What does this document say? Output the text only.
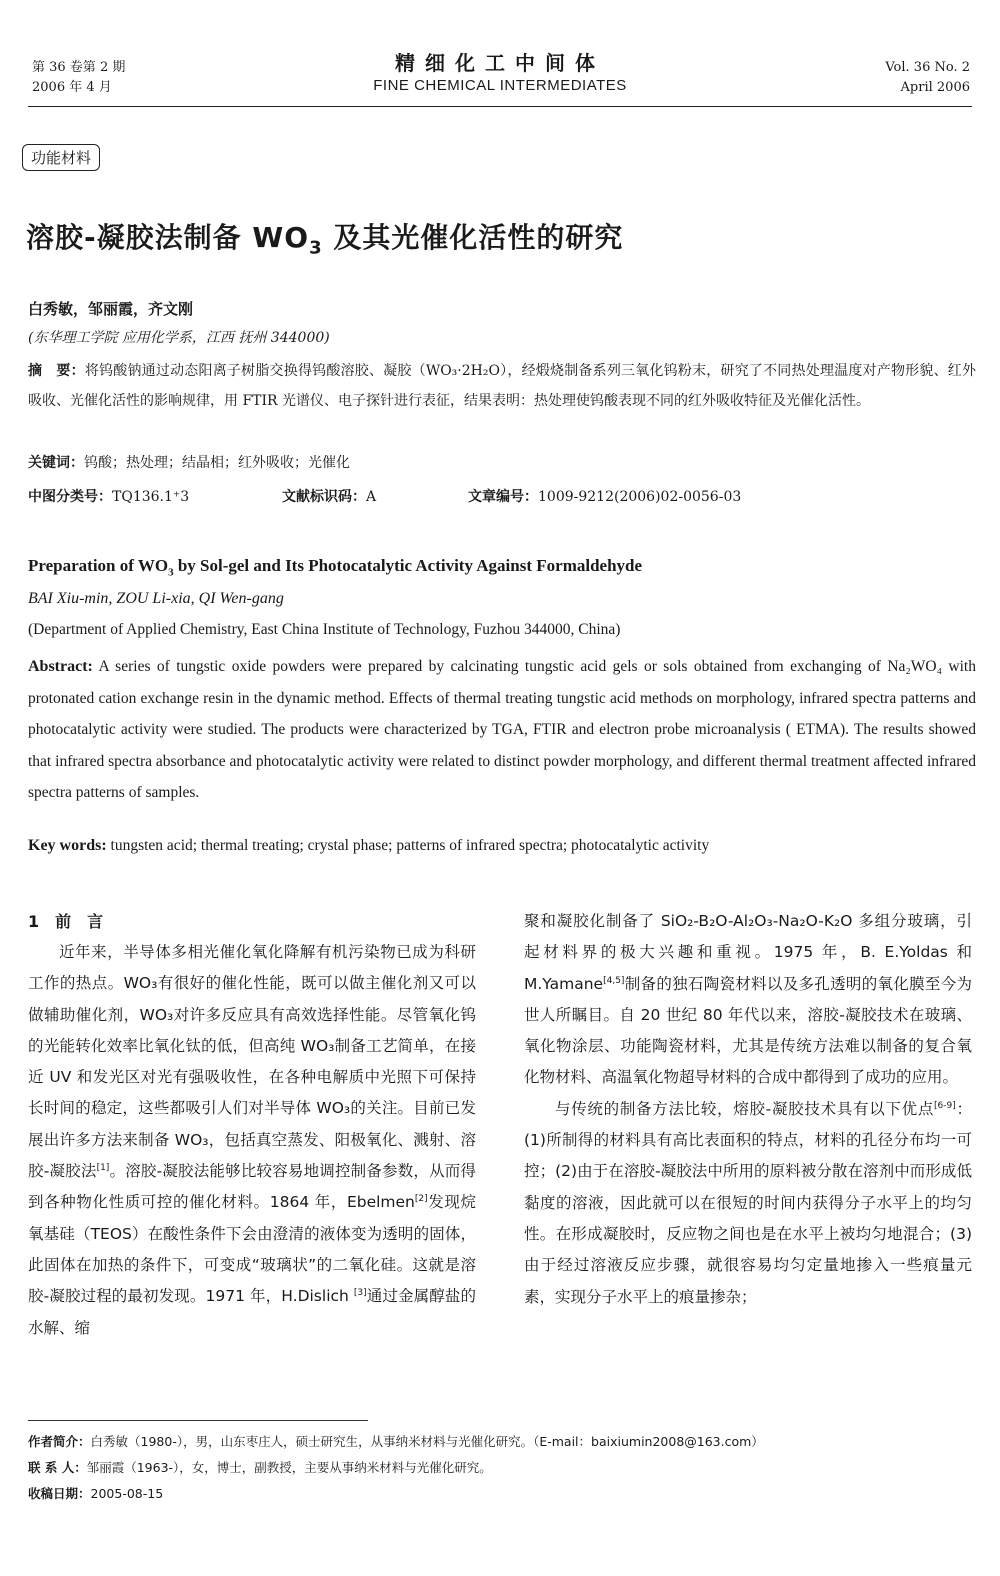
第 36 卷第 2 期
2006 年 4 月
精细化工中间体
FINE CHEMICAL INTERMEDIATES
Vol. 36 No. 2
April 2006
功能材料
溶胶-凝胶法制备 $WO_3$ 及其光催化活性的研究
白秀敏，邹丽霞，齐文刚
(东华理工学院 应用化学系，江西 抚州 344000)
摘　要：将钨酸钠通过动态阳离子树脂交换得钨酸溶胶、凝胶（WO₃·2H₂O），经煅烧制备系列三氧化钨粉末，研究了不同热处理温度对产物形貌、红外吸收、光催化活性的影响规律，用 FTIR 光谱仪、电子探针进行表征，结果表明：热处理使钨酸表现不同的红外吸收特征及光催化活性。
关键词：钨酸；热处理；结晶相；红外吸收；光催化
中图分类号：TQ136.1⁺3	文献标识码：A	文章编号：1009-9212(2006)02-0056-03
Preparation of $WO_3$ by Sol-gel and Its Photocatalytic Activity Against Formaldehyde
BAI Xiu-min, ZOU Li-xia, QI Wen-gang
(Department of Applied Chemistry, East China Institute of Technology, Fuzhou 344000, China)
Abstract: A series of tungstic oxide powders were prepared by calcinating tungstic acid gels or sols obtained from exchanging of Na₂WO₄ with protonated cation exchange resin in the dynamic method. Effects of thermal treating tungstic acid methods on morphology, infrared spectra patterns and photocatalytic activity were studied. The products were characterized by TGA, FTIR and electron probe microanalysis ( ETMA). The results showed that infrared spectra absorbance and photocatalytic activity were related to distinct powder morphology, and different thermal treatment affected infrared spectra patterns of samples.
Key words: tungsten acid; thermal treating; crystal phase; patterns of infrared spectra; photocatalytic activity

1　前　言

近年来，半导体多相光催化氧化降解有机污染物已成为科研工作的热点。WO₃有很好的催化性能，既可以做主催化剂又可以做辅助催化剂，WO₃对许多反应具有高效选择性能。尽管氧化钨的光能转化效率比氧化钛的低，但高纯 WO₃制备工艺简单，在接近 UV 和发光区对光有强吸收性，在各种电解质中光照下可保持长时间的稳定，这些都吸引人们对半导体 WO₃的关注。目前已发展出许多方法来制备 WO₃，包括真空蒸发、阳极氧化、溅射、溶胶-凝胶法[1]。溶胶-凝胶法能够比较容易地调控制备参数，从而得到各种物化性质可控的催化材料。1864 年，Ebelmen[2]发现烷氧基硅（TEOS）在酸性条件下会由澄清的液体变为透明的固体，此固体在加热的条件下，可变成“玻璃状”的二氧化硅。这就是溶胶-凝胶过程的最初发现。1971 年，H.Dislich [3]通过金属醇盐的水解、缩

聚和凝胶化制备了 SiO₂-B₂O-Al₂O₃-Na₂O-K₂O 多组分玻璃，引起材料界的极大兴趣和重视。1975 年，B. E.Yoldas 和 M.Yamane[4,5]制备的独石陶瓷材料以及多孔透明的氧化膜至今为世人所瞩目。自 20 世纪 80 年代以来，溶胶-凝胶技术在玻璃、氧化物涂层、功能陶瓷材料，尤其是传统方法难以制备的复合氧化物材料、高温氧化物超导材料的合成中都得到了成功的应用。

与传统的制备方法比较，熔胶-凝胶技术具有以下优点[6-9]：(1)所制得的材料具有高比表面积的特点，材料的孔径分布均一可控；(2)由于在溶胶-凝胶法中所用的原料被分散在溶剂中而形成低黏度的溶液，因此就可以在很短的时间内获得分子水平上的均匀性。在形成凝胶时，反应物之间也是在水平上被均匀地混合；(3)由于经过溶液反应步骤，就很容易均匀定量地掺入一些痕量元素，实现分子水平上的痕量掺杂；

作者简介：白秀敏（1980-），男，山东枣庄人，硕士研究生，从事纳米材料与光催化研究。（E-mail：baixiumin2008@163.com）
联 系 人：邹丽霞（1963-），女，博士，副教授，主要从事纳米材料与光催化研究。
收稿日期：2005-08-15
